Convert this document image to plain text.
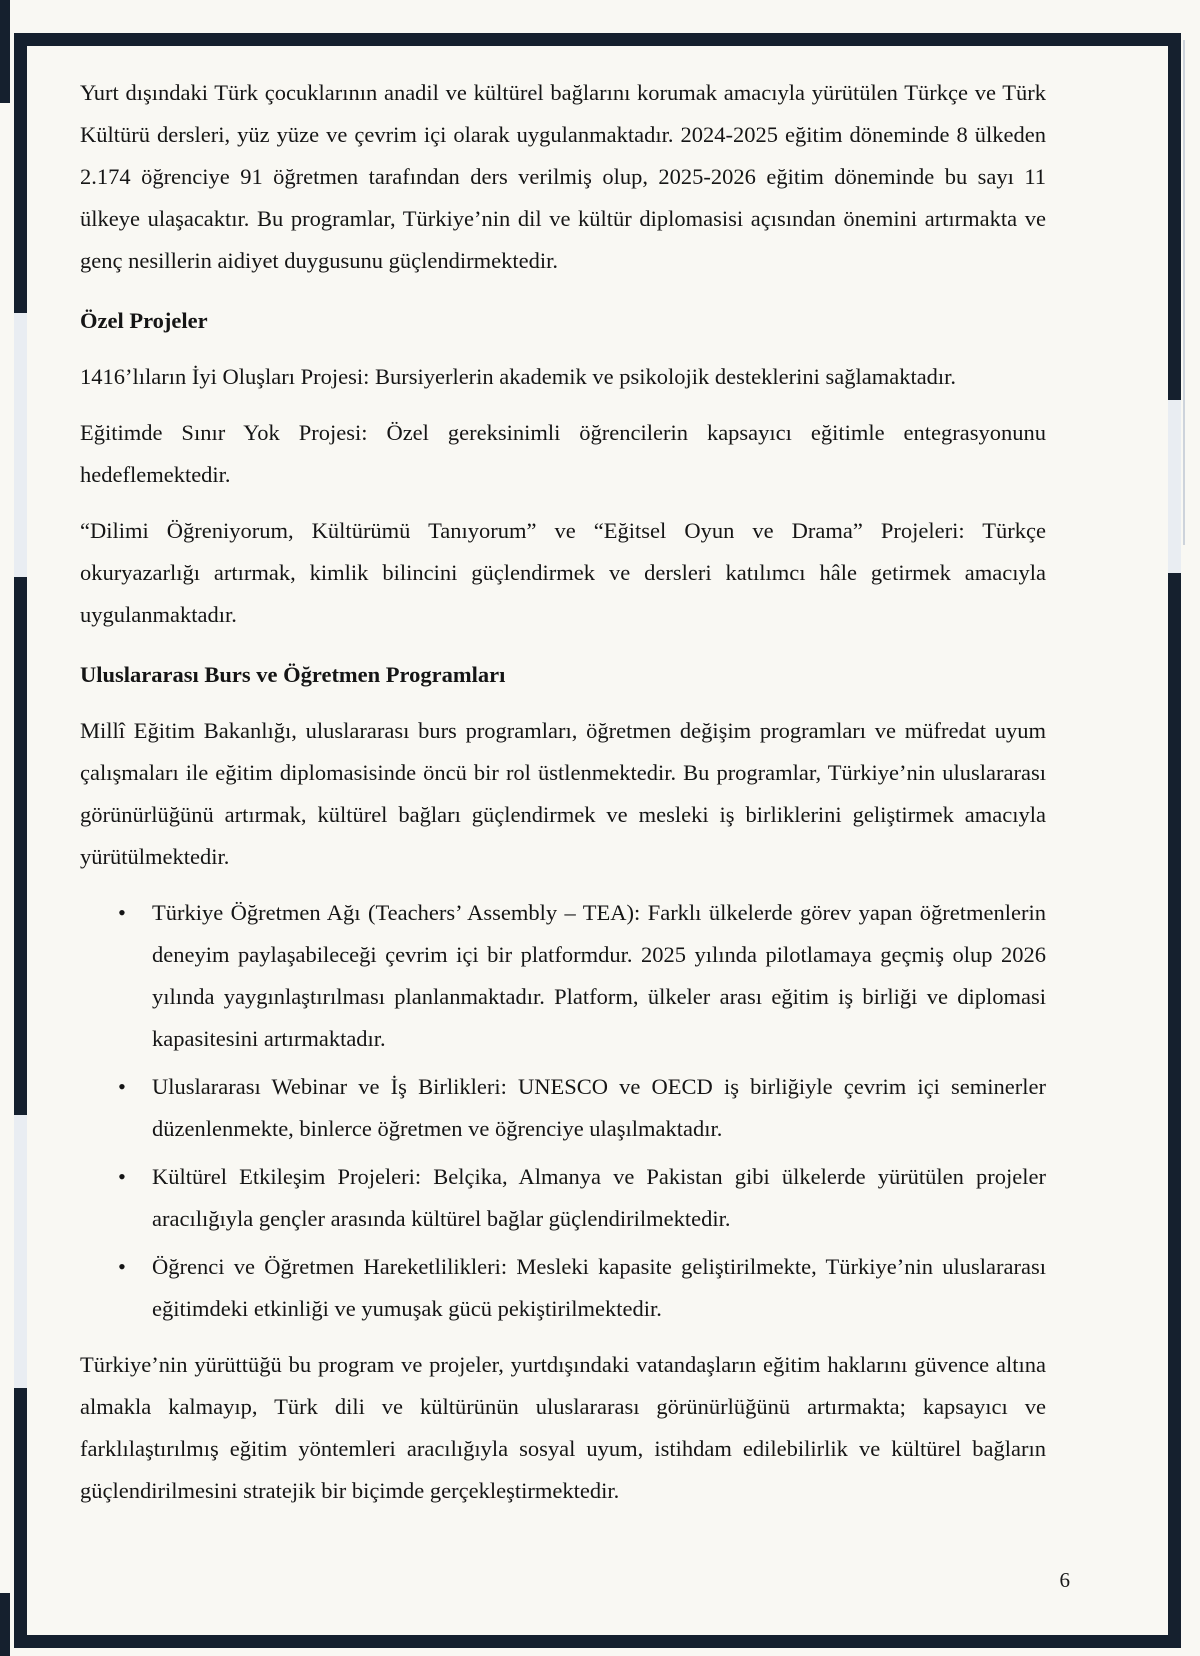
Yurt dışındaki Türk çocuklarının anadil ve kültürel bağlarını korumak amacıyla yürütülen Türkçe ve Türk Kültürü dersleri, yüz yüze ve çevrim içi olarak uygulanmaktadır. 2024-2025 eğitim döneminde 8 ülkeden 2.174 öğrenciye 91 öğretmen tarafından ders verilmiş olup, 2025-2026 eğitim döneminde bu sayı 11 ülkeye ulaşacaktır. Bu programlar, Türkiye’nin dil ve kültür diplomasisi açısından önemini artırmakta ve genç nesillerin aidiyet duygusunu güçlendirmektedir.

Özel Projeler

1416’lıların İyi Oluşları Projesi: Bursiyerlerin akademik ve psikolojik desteklerini sağlamaktadır.

Eğitimde Sınır Yok Projesi: Özel gereksinimli öğrencilerin kapsayıcı eğitimle entegrasyonunu hedeflemektedir.

“Dilimi Öğreniyorum, Kültürümü Tanıyorum” ve “Eğitsel Oyun ve Drama” Projeleri: Türkçe okuryazarlığı artırmak, kimlik bilincini güçlendirmek ve dersleri katılımcı hâle getirmek amacıyla uygulanmaktadır.

Uluslararası Burs ve Öğretmen Programları

Millî Eğitim Bakanlığı, uluslararası burs programları, öğretmen değişim programları ve müfredat uyum çalışmaları ile eğitim diplomasisinde öncü bir rol üstlenmektedir. Bu programlar, Türkiye’nin uluslararası görünürlüğünü artırmak, kültürel bağları güçlendirmek ve mesleki iş birliklerini geliştirmek amacıyla yürütülmektedir.

•	Türkiye Öğretmen Ağı (Teachers’ Assembly – TEA): Farklı ülkelerde görev yapan öğretmenlerin deneyim paylaşabileceği çevrim içi bir platformdur. 2025 yılında pilotlamaya geçmiş olup 2026 yılında yaygınlaştırılması planlanmaktadır. Platform, ülkeler arası eğitim iş birliği ve diplomasi kapasitesini artırmaktadır.
•	Uluslararası Webinar ve İş Birlikleri: UNESCO ve OECD iş birliğiyle çevrim içi seminerler düzenlenmekte, binlerce öğretmen ve öğrenciye ulaşılmaktadır.
•	Kültürel Etkileşim Projeleri: Belçika, Almanya ve Pakistan gibi ülkelerde yürütülen projeler aracılığıyla gençler arasında kültürel bağlar güçlendirilmektedir.
•	Öğrenci ve Öğretmen Hareketlilikleri: Mesleki kapasite geliştirilmekte, Türkiye’nin uluslararası eğitimdeki etkinliği ve yumuşak gücü pekiştirilmektedir.

Türkiye’nin yürüttüğü bu program ve projeler, yurtdışındaki vatandaşların eğitim haklarını güvence altına almakla kalmayıp, Türk dili ve kültürünün uluslararası görünürlüğünü artırmakta; kapsayıcı ve farklılaştırılmış eğitim yöntemleri aracılığıyla sosyal uyum, istihdam edilebilirlik ve kültürel bağların güçlendirilmesini stratejik bir biçimde gerçekleştirmektedir.

6
